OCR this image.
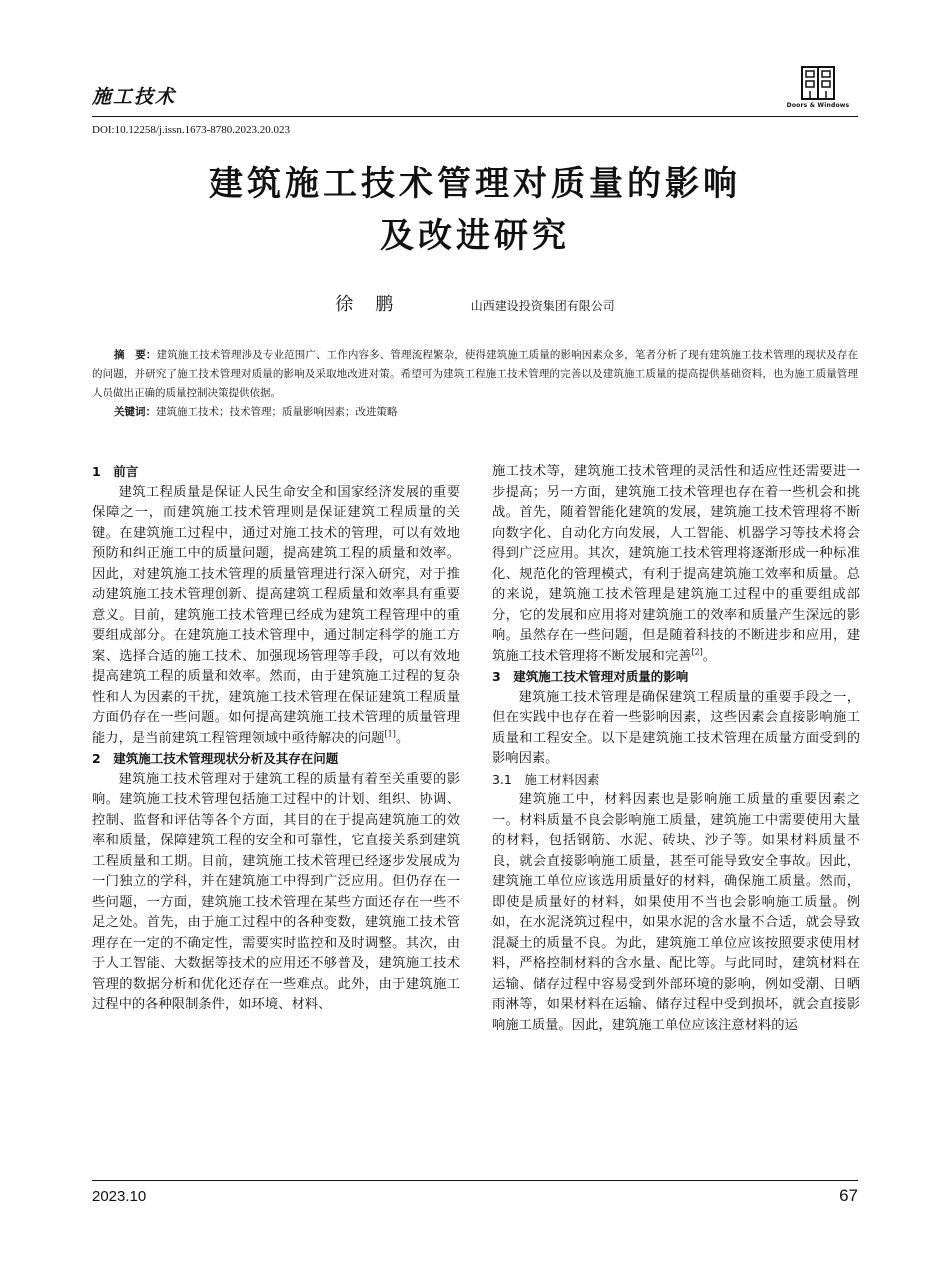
施工技术	Doors & Windows
DOI:10.12258/j.issn.1673-8780.2023.20.023
建筑施工技术管理对质量的影响
及改进研究
徐鹏	山西建设投资集团有限公司

摘　要：建筑施工技术管理涉及专业范围广、工作内容多、管理流程繁杂，使得建筑施工质量的影响因素众多，笔者分析了现有建筑施工技术管理的现状及存在的问题，并研究了施工技术管理对质量的影响及采取地改进对策。希望可为建筑工程施工技术管理的完善以及建筑施工质量的提高提供基础资料，也为施工质量管理人员做出正确的质量控制决策提供依据。

关键词：建筑施工技术；技术管理；质量影响因素；改进策略
1　前言

建筑工程质量是保证人民生命安全和国家经济发展的重要保障之一，而建筑施工技术管理则是保证建筑工程质量的关键。在建筑施工过程中，通过对施工技术的管理，可以有效地预防和纠正施工中的质量问题，提高建筑工程的质量和效率。因此，对建筑施工技术管理的质量管理进行深入研究，对于推动建筑施工技术管理创新、提高建筑工程质量和效率具有重要意义。目前，建筑施工技术管理已经成为建筑工程管理中的重要组成部分。在建筑施工技术管理中，通过制定科学的施工方案、选择合适的施工技术、加强现场管理等手段，可以有效地提高建筑工程的质量和效率。然而，由于建筑施工过程的复杂性和人为因素的干扰，建筑施工技术管理在保证建筑工程质量方面仍存在一些问题。如何提高建筑施工技术管理的质量管理能力，是当前建筑工程管理领域中亟待解决的问题[1]。

2　建筑施工技术管理现状分析及其存在问题

建筑施工技术管理对于建筑工程的质量有着至关重要的影响。建筑施工技术管理包括施工过程中的计划、组织、协调、控制、监督和评估等各个方面，其目的在于提高建筑施工的效率和质量，保障建筑工程的安全和可靠性，它直接关系到建筑工程质量和工期。目前，建筑施工技术管理已经逐步发展成为一门独立的学科，并在建筑施工中得到广泛应用。但仍存在一些问题，一方面，建筑施工技术管理在某些方面还存在一些不足之处。首先，由于施工过程中的各种变数，建筑施工技术管理存在一定的不确定性，需要实时监控和及时调整。其次，由于人工智能、大数据等技术的应用还不够普及，建筑施工技术管理的数据分析和优化还存在一些难点。此外，由于建筑施工过程中的各种限制条件，如环境、材料、

施工技术等，建筑施工技术管理的灵活性和适应性还需要进一步提高；另一方面，建筑施工技术管理也存在着一些机会和挑战。首先，随着智能化建筑的发展，建筑施工技术管理将不断向数字化、自动化方向发展，人工智能、机器学习等技术将会得到广泛应用。其次，建筑施工技术管理将逐渐形成一种标准化、规范化的管理模式，有利于提高建筑施工效率和质量。总的来说，建筑施工技术管理是建筑施工过程中的重要组成部分，它的发展和应用将对建筑施工的效率和质量产生深远的影响。虽然存在一些问题，但是随着科技的不断进步和应用，建筑施工技术管理将不断发展和完善[2]。

3　建筑施工技术管理对质量的影响

建筑施工技术管理是确保建筑工程质量的重要手段之一，但在实践中也存在着一些影响因素，这些因素会直接影响施工质量和工程安全。以下是建筑施工技术管理在质量方面受到的影响因素。

3.1　施工材料因素

建筑施工中，材料因素也是影响施工质量的重要因素之一。材料质量不良会影响施工质量，建筑施工中需要使用大量的材料，包括钢筋、水泥、砖块、沙子等。如果材料质量不良，就会直接影响施工质量，甚至可能导致安全事故。因此，建筑施工单位应该选用质量好的材料，确保施工质量。然而，即使是质量好的材料，如果使用不当也会影响施工质量。例如，在水泥浇筑过程中，如果水泥的含水量不合适，就会导致混凝土的质量不良。为此，建筑施工单位应该按照要求使用材料，严格控制材料的含水量、配比等。与此同时，建筑材料在运输、储存过程中容易受到外部环境的影响，例如受潮、日晒雨淋等，如果材料在运输、储存过程中受到损坏，就会直接影响施工质量。因此，建筑施工单位应该注意材料的运

2023.10	67
